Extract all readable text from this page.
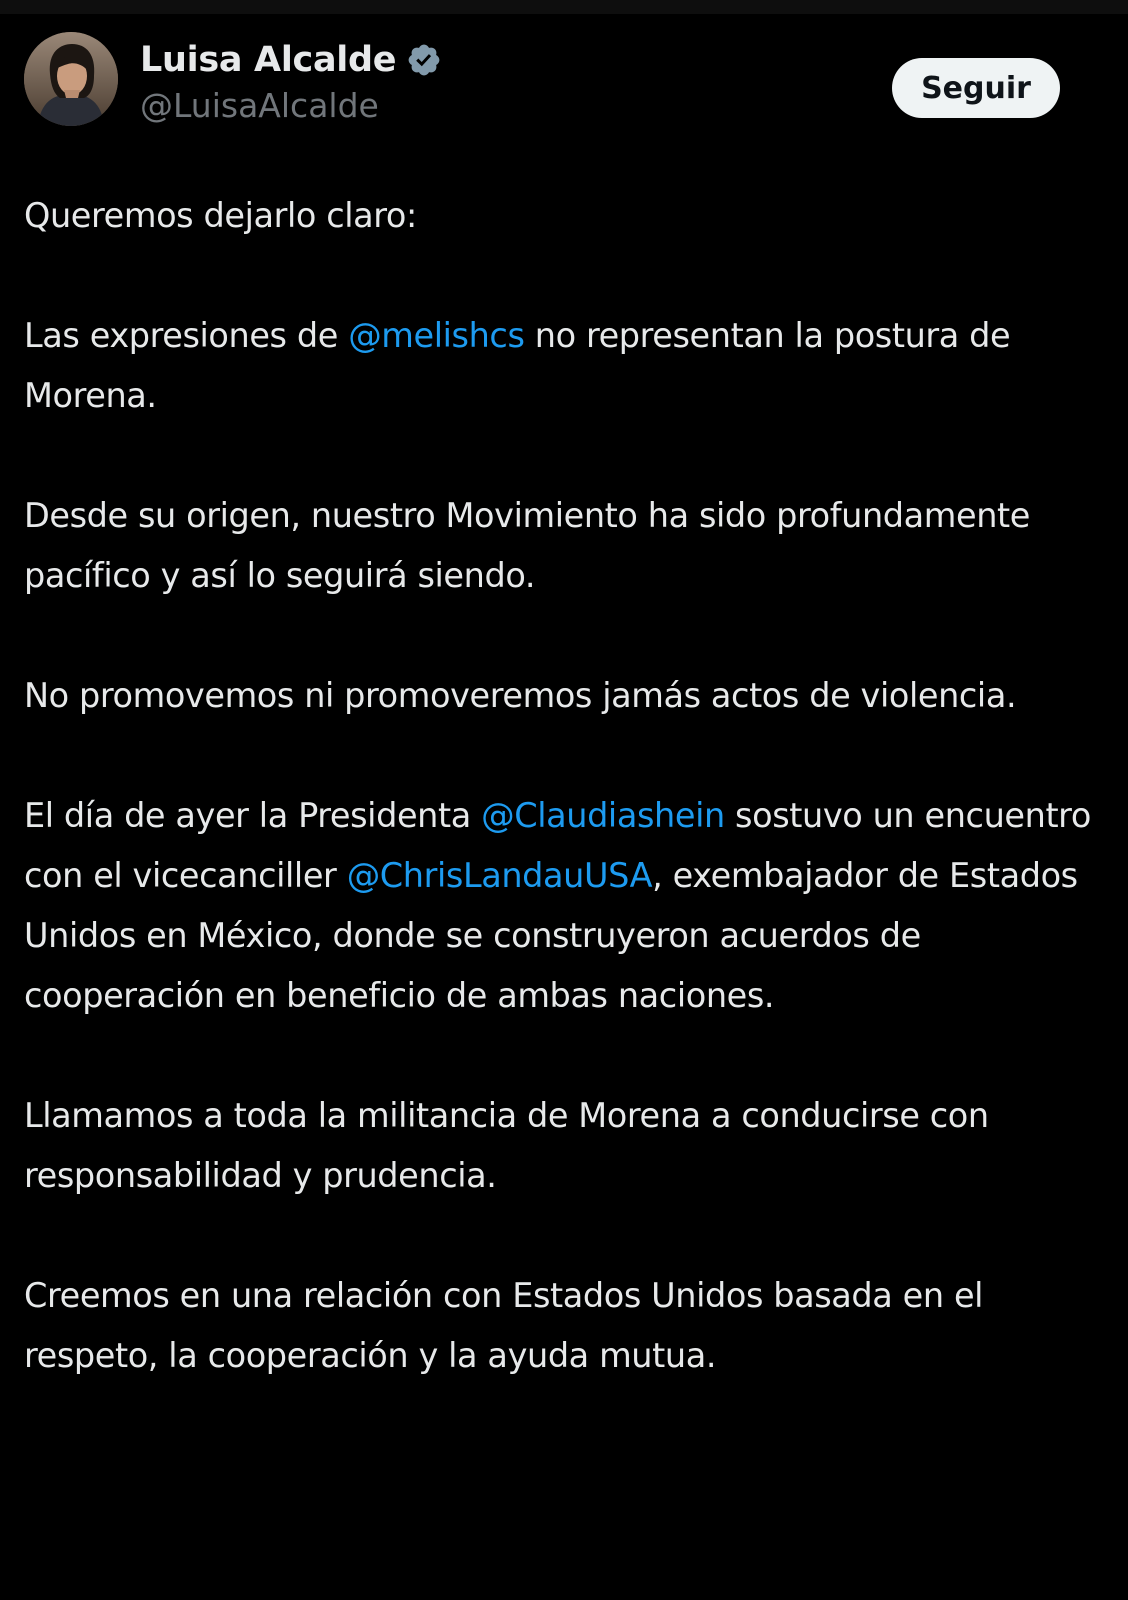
Luisa Alcalde
@LuisaAlcalde	Seguir

Queremos dejarlo claro:

Las expresiones de @melishcs no representan la postura de Morena.

Desde su origen, nuestro Movimiento ha sido profundamente pacífico y así lo seguirá siendo.

No promovemos ni promoveremos jamás actos de violencia.

El día de ayer la Presidenta @Claudiashein sostuvo un encuentro con el vicecanciller @ChrisLandauUSA, exembajador de Estados Unidos en México, donde se construyeron acuerdos de cooperación en beneficio de ambas naciones.

Llamamos a toda la militancia de Morena a conducirse con responsabilidad y prudencia.

Creemos en una relación con Estados Unidos basada en el respeto, la cooperación y la ayuda mutua.
